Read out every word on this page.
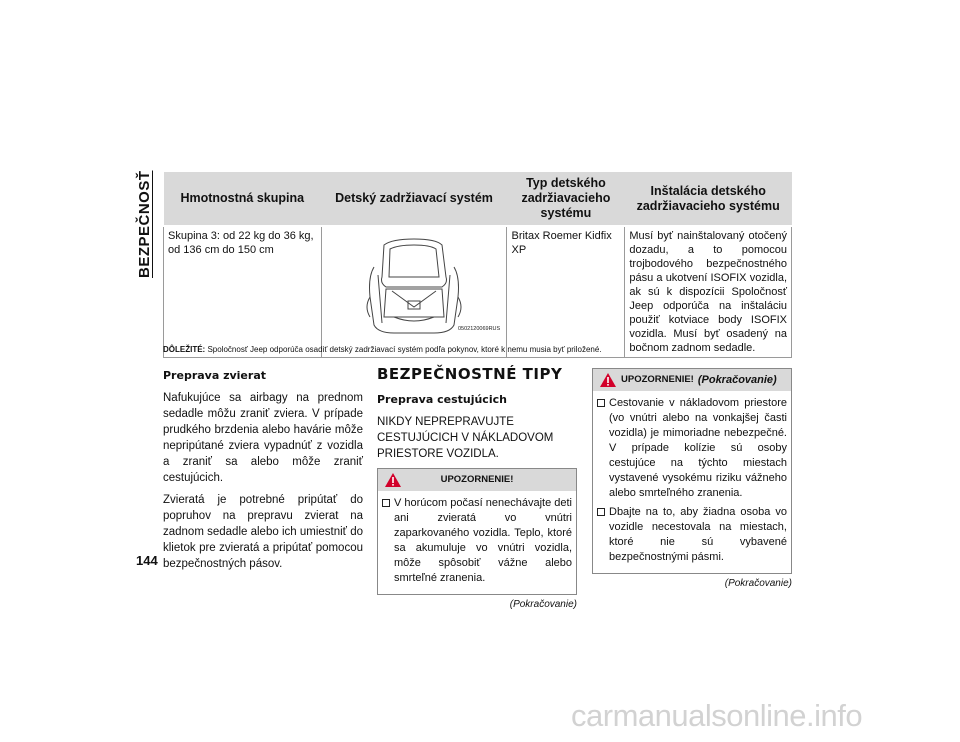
BEZPEČNOSŤ
144
Hmotnostná skupina	Detský zadržiavací systém	Typ detského zadržiavacieho systému	Inštalácia detského zadržiavacieho systému
Skupina 3: od 22 kg do 36 kg, od 136 cm do 150 cm	0502120069RUS	Britax Roemer Kidfix XP	Musí byť nainštalovaný otočený dozadu, a to pomocou trojbodového bezpečnostného pásu a ukotvení ISOFIX vozidla, ak sú k dispozícii Spoločnosť Jeep odporúča na inštaláciu použiť kotviace body ISOFIX vozidla. Musí byť osadený na bočnom zadnom sedadle.
DÔLEŽITÉ: Spoločnosť Jeep odporúča osadiť detský zadržiavací systém podľa pokynov, ktoré k nemu musia byť priložené.
Preprava zvierat

Nafukujúce sa airbagy na prednom sedadle môžu zraniť zviera. V prípade prudkého brzdenia alebo havárie môže nepripútané zviera vypadnúť z vozidla a zraniť sa alebo môže zraniť cestujúcich.

Zvieratá je potrebné pripútať do popruhov na prepravu zvierat na zadnom sedadle alebo ich umiestniť do klietok pre zvieratá a pripútať pomocou bezpečnostných pásov.

BEZPEČNOSTNÉ TIPY
Preprava cestujúcich

NIKDY NEPREPRAVUJTE CESTUJÚCICH V NÁKLADOVOM PRIESTORE VOZIDLA.

UPOZORNENIE!
V horúcom počasí nenechávajte deti ani zvieratá vo vnútri zaparkovaného vozidla. Teplo, ktoré sa akumuluje vo vnútri vozidla, môže spôsobiť vážne alebo smrteľné zranenia.
(Pokračovanie)
UPOZORNENIE! (Pokračovanie)
Cestovanie v nákladovom priestore (vo vnútri alebo na vonkajšej časti vozidla) je mimoriadne nebezpečné. V prípade kolízie sú osoby cestujúce na týchto miestach vystavené vysokému riziku vážneho alebo smrteľného zranenia.
Dbajte na to, aby žiadna osoba vo vozidle necestovala na miestach, ktoré nie sú vybavené bezpečnostnými pásmi.
(Pokračovanie)
carmanualsonline.info
